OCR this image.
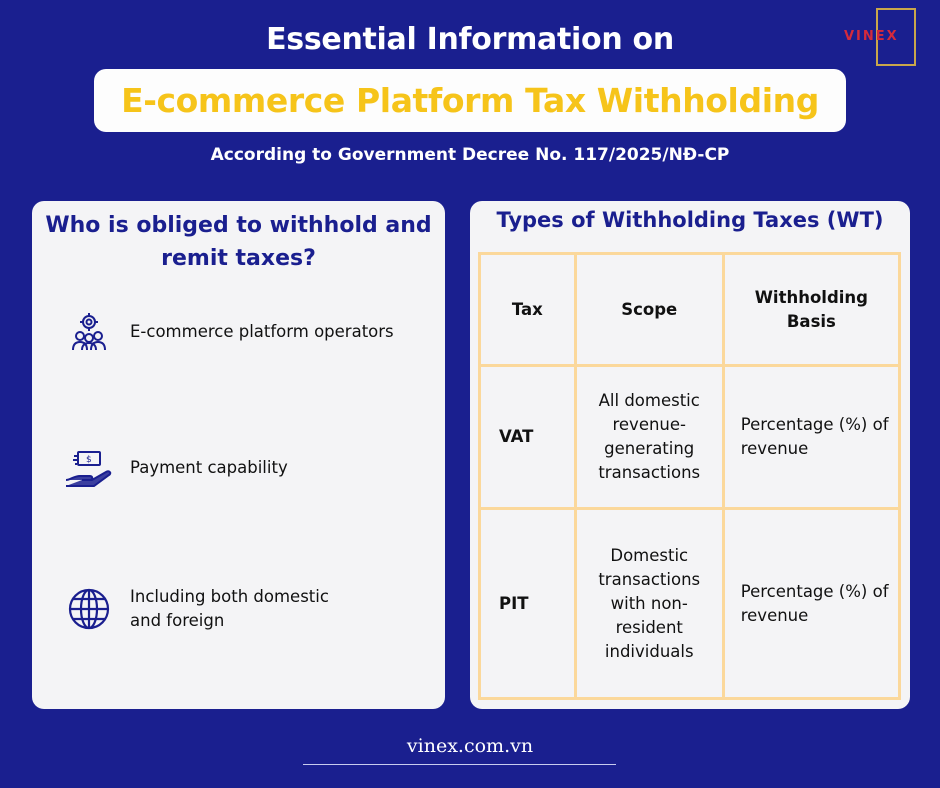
Essential Information on
E-commerce Platform Tax Withholding
According to Government Decree No. 117/2025/NĐ-CP
VINEX
Who is obliged to withhold and remit taxes?
E-commerce platform operators
$ Payment capability
Including both domestic and foreign
Types of Withholding Taxes (WT)
Tax	Scope	Withholding Basis
VAT	All domestic revenue-generating transactions	Percentage (%) of revenue
PIT	Domestic transactions with non-resident individuals	Percentage (%) of revenue
vinex.com.vn
